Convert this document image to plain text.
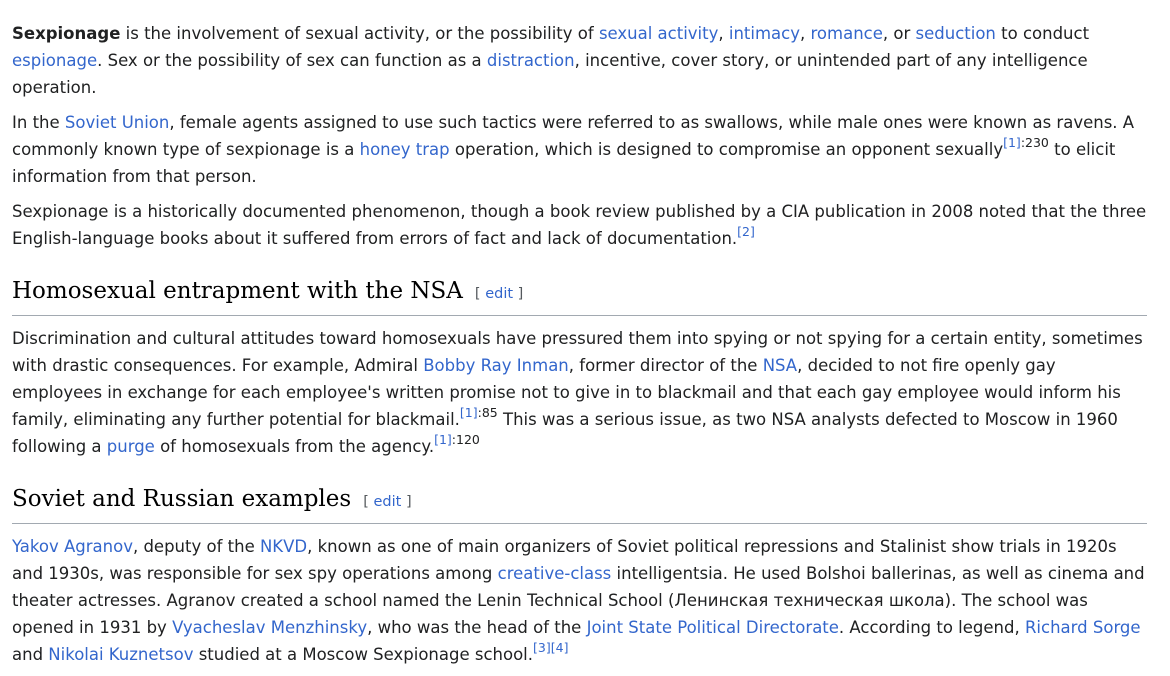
Sexpionage is the involvement of sexual activity, or the possibility of sexual activity, intimacy, romance, or seduction to conduct espionage. Sex or the possibility of sex can function as a distraction, incentive, cover story, or unintended part of any intelligence operation.

In the Soviet Union, female agents assigned to use such tactics were referred to as swallows, while male ones were known as ravens. A commonly known type of sexpionage is a honey trap operation, which is designed to compromise an opponent sexually$^{[1]:230}$ to elicit information from that person.

Sexpionage is a historically documented phenomenon, though a book review published by a CIA publication in 2008 noted that the three English-language books about it suffered from errors of fact and lack of documentation.[2]

Homosexual entrapment with the NSA [ edit ]

Discrimination and cultural attitudes toward homosexuals have pressured them into spying or not spying for a certain entity, sometimes with drastic consequences. For example, Admiral Bobby Ray Inman, former director of the NSA, decided to not fire openly gay employees in exchange for each employee's written promise not to give in to blackmail and that each gay employee would inform his family, eliminating any further potential for blackmail.$^{[1]:85}$ This was a serious issue, as two NSA analysts defected to Moscow in 1960 following a purge of homosexuals from the agency.$^{[1]:120}$

Soviet and Russian examples [ edit ]

Yakov Agranov, deputy of the NKVD, known as one of main organizers of Soviet political repressions and Stalinist show trials in 1920s and 1930s, was responsible for sex spy operations among creative-class intelligentsia. He used Bolshoi ballerinas, as well as cinema and theater actresses. Agranov created a school named the Lenin Technical School (Ленинская техническая школа). The school was opened in 1931 by Vyacheslav Menzhinsky, who was the head of the Joint State Political Directorate. According to legend, Richard Sorge and Nikolai Kuznetsov studied at a Moscow Sexpionage school.[3][4]
